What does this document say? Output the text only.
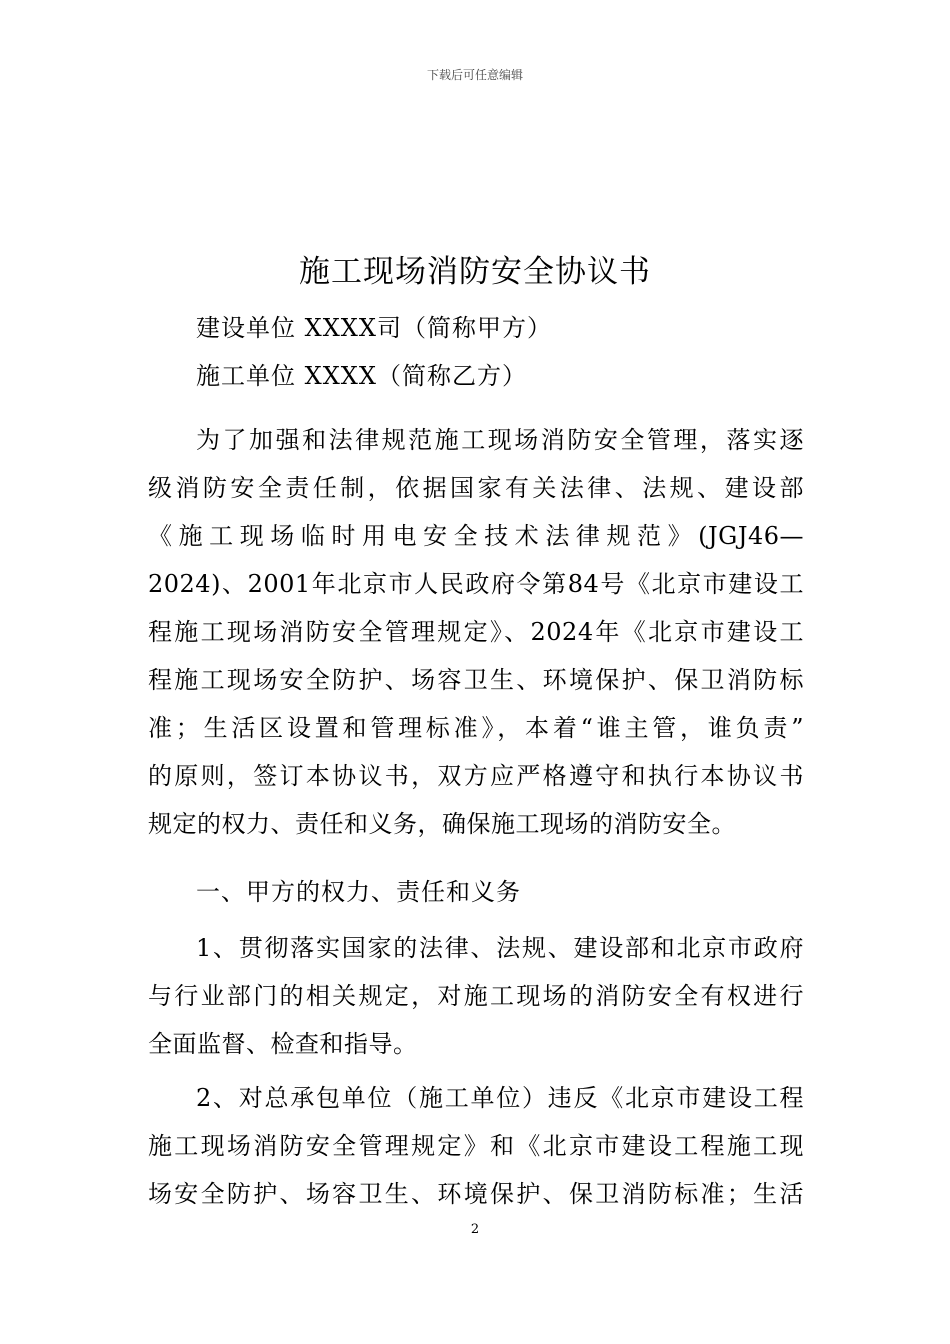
下载后可任意编辑
施工现场消防安全协议书
建设单位 XXXX司（简称甲方）
施工单位 XXXX（简称乙方）
为了加强和法律规范施工现场消防安全管理，落实逐
级消防安全责任制，依据国家有关法律、法规、建设部
《施工现场临时用电安全技术法律规范》(JGJ46—
2024)、2001年北京市人民政府令第84号《北京市建设工
程施工现场消防安全管理规定》、2024年《北京市建设工
程施工现场安全防护、场容卫生、环境保护、保卫消防标
准；生活区设置和管理标准》，本着“谁主管，谁负责”
的原则，签订本协议书，双方应严格遵守和执行本协议书
规定的权力、责任和义务，确保施工现场的消防安全。
一、甲方的权力、责任和义务
1、贯彻落实国家的法律、法规、建设部和北京市政府
与行业部门的相关规定，对施工现场的消防安全有权进行
全面监督、检查和指导。
2、对总承包单位（施工单位）违反《北京市建设工程
施工现场消防安全管理规定》和《北京市建设工程施工现
场安全防护、场容卫生、环境保护、保卫消防标准；生活
2
